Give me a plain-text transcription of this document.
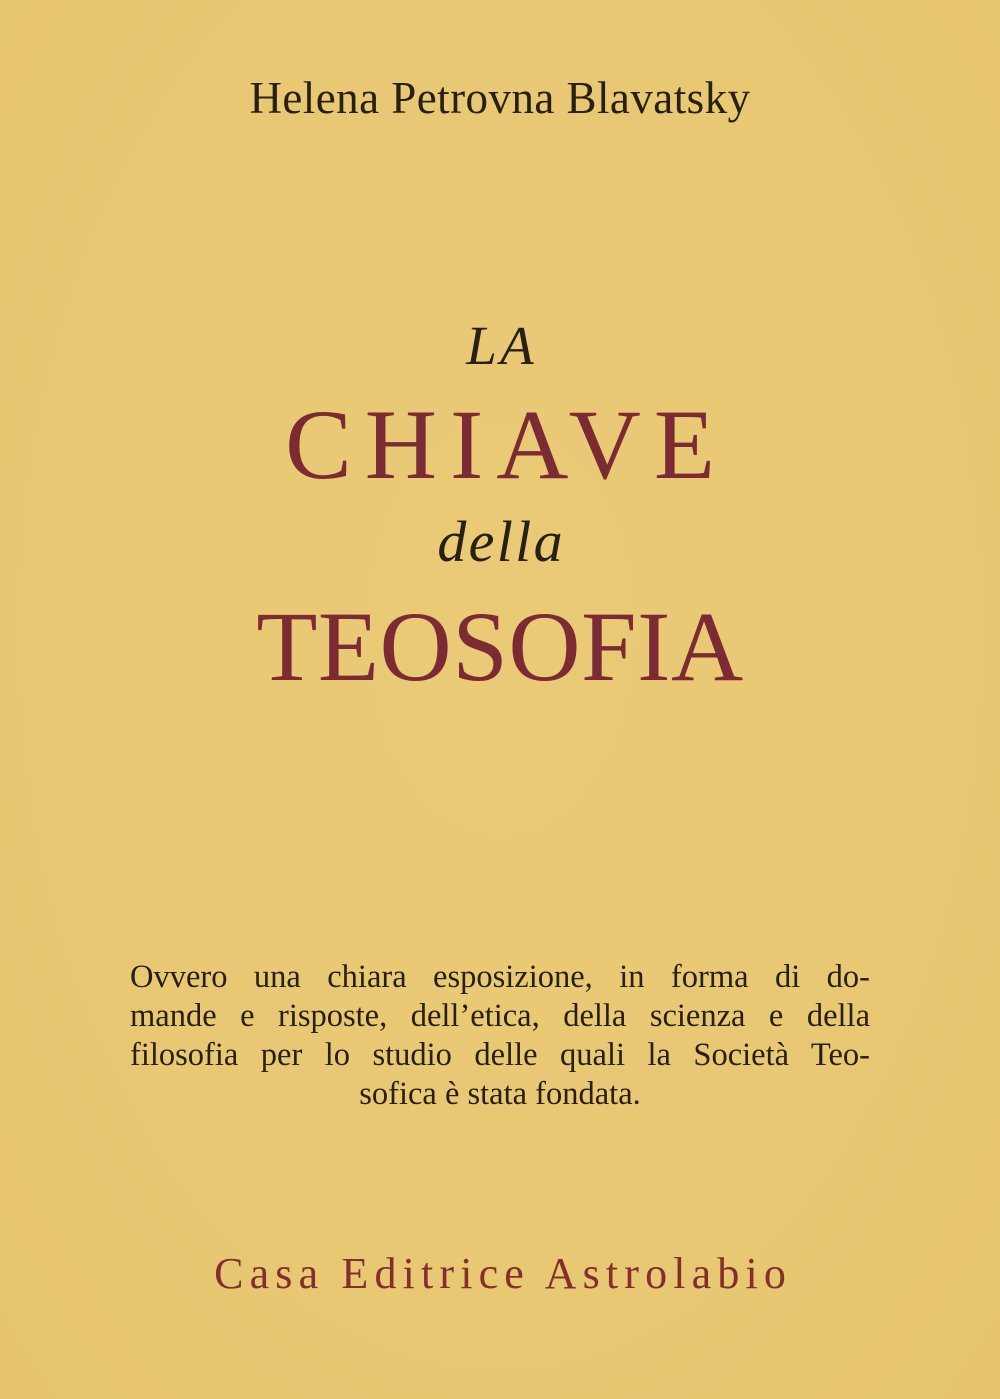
Helena Petrovna Blavatsky
LA
CHIAVE
della
TEOSOFIA
Ovvero una chiara esposizione, in forma di do-
mande e risposte, dell’etica, della scienza e della
filosofia per lo studio delle quali la Società Teo-
sofica è stata fondata.
Casa Editrice Astrolabio
